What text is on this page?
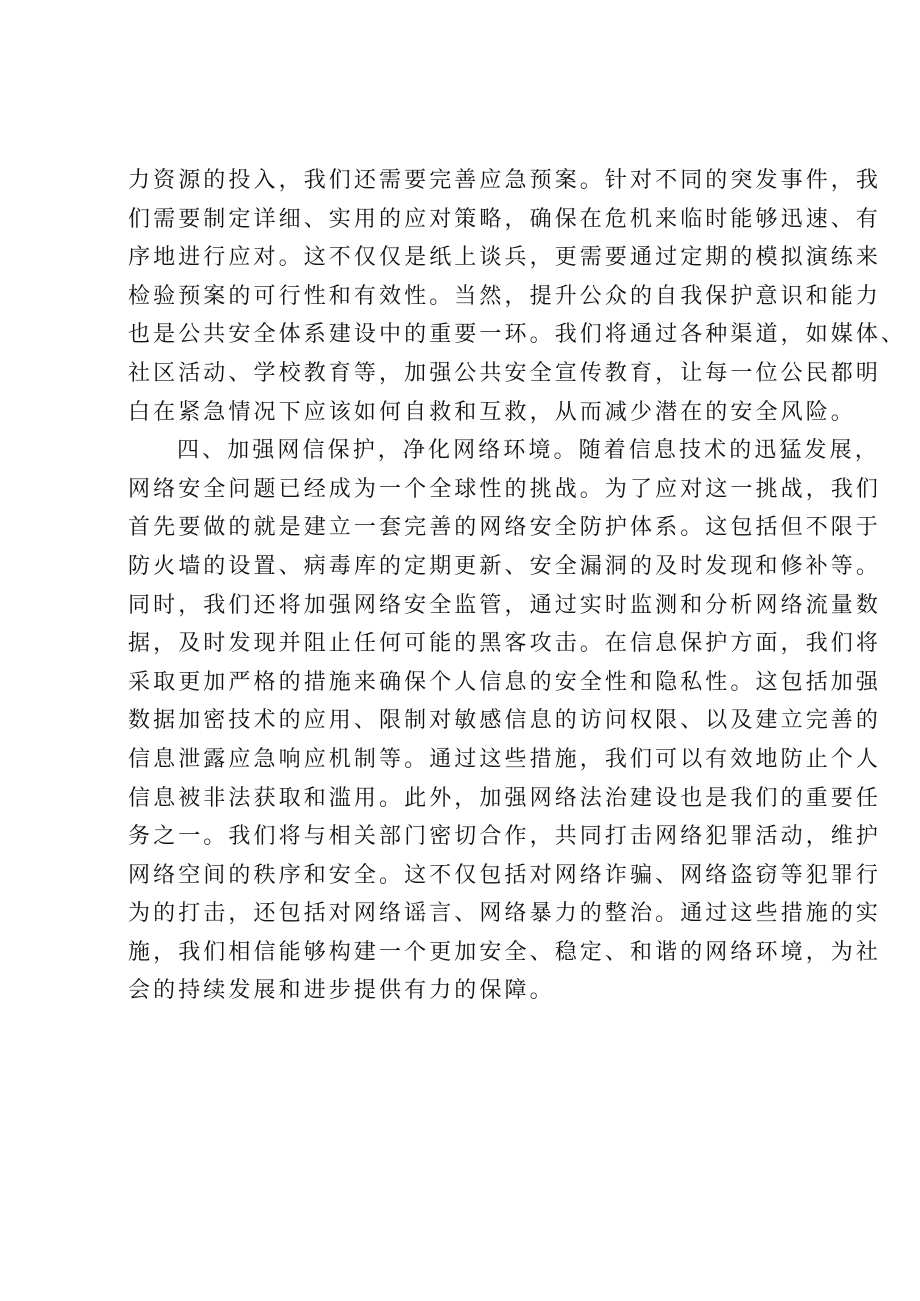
力资源的投入，我们还需要完善应急预案。针对不同的突发事件，我
们需要制定详细、实用的应对策略，确保在危机来临时能够迅速、有
序地进行应对。这不仅仅是纸上谈兵，更需要通过定期的模拟演练来
检验预案的可行性和有效性。当然，提升公众的自我保护意识和能力
也是公共安全体系建设中的重要一环。我们将通过各种渠道，如媒体、
社区活动、学校教育等，加强公共安全宣传教育，让每一位公民都明
白在紧急情况下应该如何自救和互救，从而减少潜在的安全风险。
四、加强网信保护，净化网络环境。随着信息技术的迅猛发展，
网络安全问题已经成为一个全球性的挑战。为了应对这一挑战，我们
首先要做的就是建立一套完善的网络安全防护体系。这包括但不限于
防火墙的设置、病毒库的定期更新、安全漏洞的及时发现和修补等。
同时，我们还将加强网络安全监管，通过实时监测和分析网络流量数
据，及时发现并阻止任何可能的黑客攻击。在信息保护方面，我们将
采取更加严格的措施来确保个人信息的安全性和隐私性。这包括加强
数据加密技术的应用、限制对敏感信息的访问权限、以及建立完善的
信息泄露应急响应机制等。通过这些措施，我们可以有效地防止个人
信息被非法获取和滥用。此外，加强网络法治建设也是我们的重要任
务之一。我们将与相关部门密切合作，共同打击网络犯罪活动，维护
网络空间的秩序和安全。这不仅包括对网络诈骗、网络盗窃等犯罪行
为的打击，还包括对网络谣言、网络暴力的整治。通过这些措施的实
施，我们相信能够构建一个更加安全、稳定、和谐的网络环境，为社
会的持续发展和进步提供有力的保障。
